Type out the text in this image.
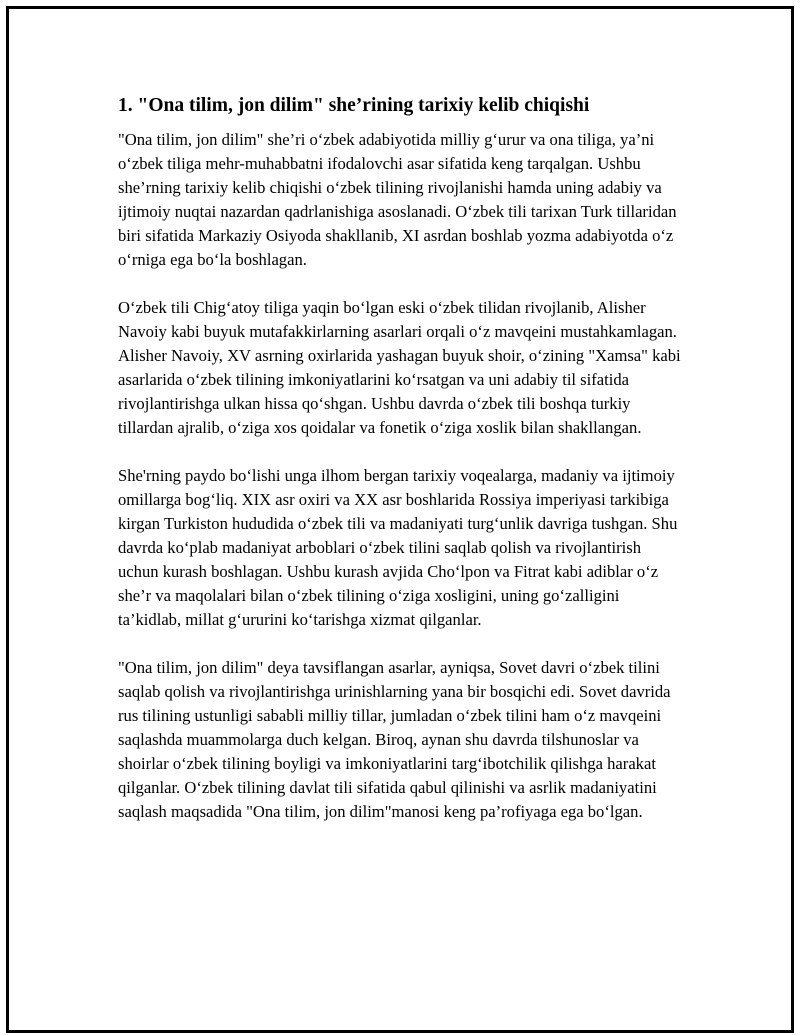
1. "Ona tilim, jon dilim" she’rining tarixiy kelib chiqishi

"Ona tilim, jon dilim" she’ri o‘zbek adabiyotida milliy g‘urur va ona tiliga, ya’ni o‘zbek tiliga mehr-muhabbatni ifodalovchi asar sifatida keng tarqalgan. Ushbu she’rning tarixiy kelib chiqishi o‘zbek tilining rivojlanishi hamda uning adabiy va ijtimoiy nuqtai nazardan qadrlanishiga asoslanadi. O‘zbek tili tarixan Turk tillaridan biri sifatida Markaziy Osiyoda shakllanib, XI asrdan boshlab yozma adabiyotda o‘z o‘rniga ega bo‘la boshlagan.

O‘zbek tili Chig‘atoy tiliga yaqin bo‘lgan eski o‘zbek tilidan rivojlanib, Alisher Navoiy kabi buyuk mutafakkirlarning asarlari orqali o‘z mavqeini mustahkamlagan. Alisher Navoiy, XV asrning oxirlarida yashagan buyuk shoir, o‘zining "Xamsa" kabi asarlarida o‘zbek tilining imkoniyatlarini ko‘rsatgan va uni adabiy til sifatida rivojlantirishga ulkan hissa qo‘shgan. Ushbu davrda o‘zbek tili boshqa turkiy tillardan ajralib, o‘ziga xos qoidalar va fonetik o‘ziga xoslik bilan shakllangan.

She'rning paydo bo‘lishi unga ilhom bergan tarixiy voqealarga, madaniy va ijtimoiy omillarga bog‘liq. XIX asr oxiri va XX asr boshlarida Rossiya imperiyasi tarkibiga kirgan Turkiston hududida o‘zbek tili va madaniyati turg‘unlik davriga tushgan. Shu davrda ko‘plab madaniyat arboblari o‘zbek tilini saqlab qolish va rivojlantirish uchun kurash boshlagan. Ushbu kurash avjida Cho‘lpon va Fitrat kabi adiblar o‘z she’r va maqolalari bilan o‘zbek tilining o‘ziga xosligini, uning go‘zalligini ta’kidlab, millat g‘ururini ko‘tarishga xizmat qilganlar.

"Ona tilim, jon dilim" deya tavsiflangan asarlar, ayniqsa, Sovet davri o‘zbek tilini saqlab qolish va rivojlantirishga urinishlarning yana bir bosqichi edi. Sovet davrida rus tilining ustunligi sababli milliy tillar, jumladan o‘zbek tilini ham o‘z mavqeini saqlashda muammolarga duch kelgan. Biroq, aynan shu davrda tilshunoslar va shoirlar o‘zbek tilining boyligi va imkoniyatlarini targ‘ibotchilik qilishga harakat qilganlar. O‘zbek tilining davlat tili sifatida qabul qilinishi va asrlik madaniyatini saqlash maqsadida "Ona tilim, jon dilim"manosi keng pa’rofiyaga ega bo‘lgan.
